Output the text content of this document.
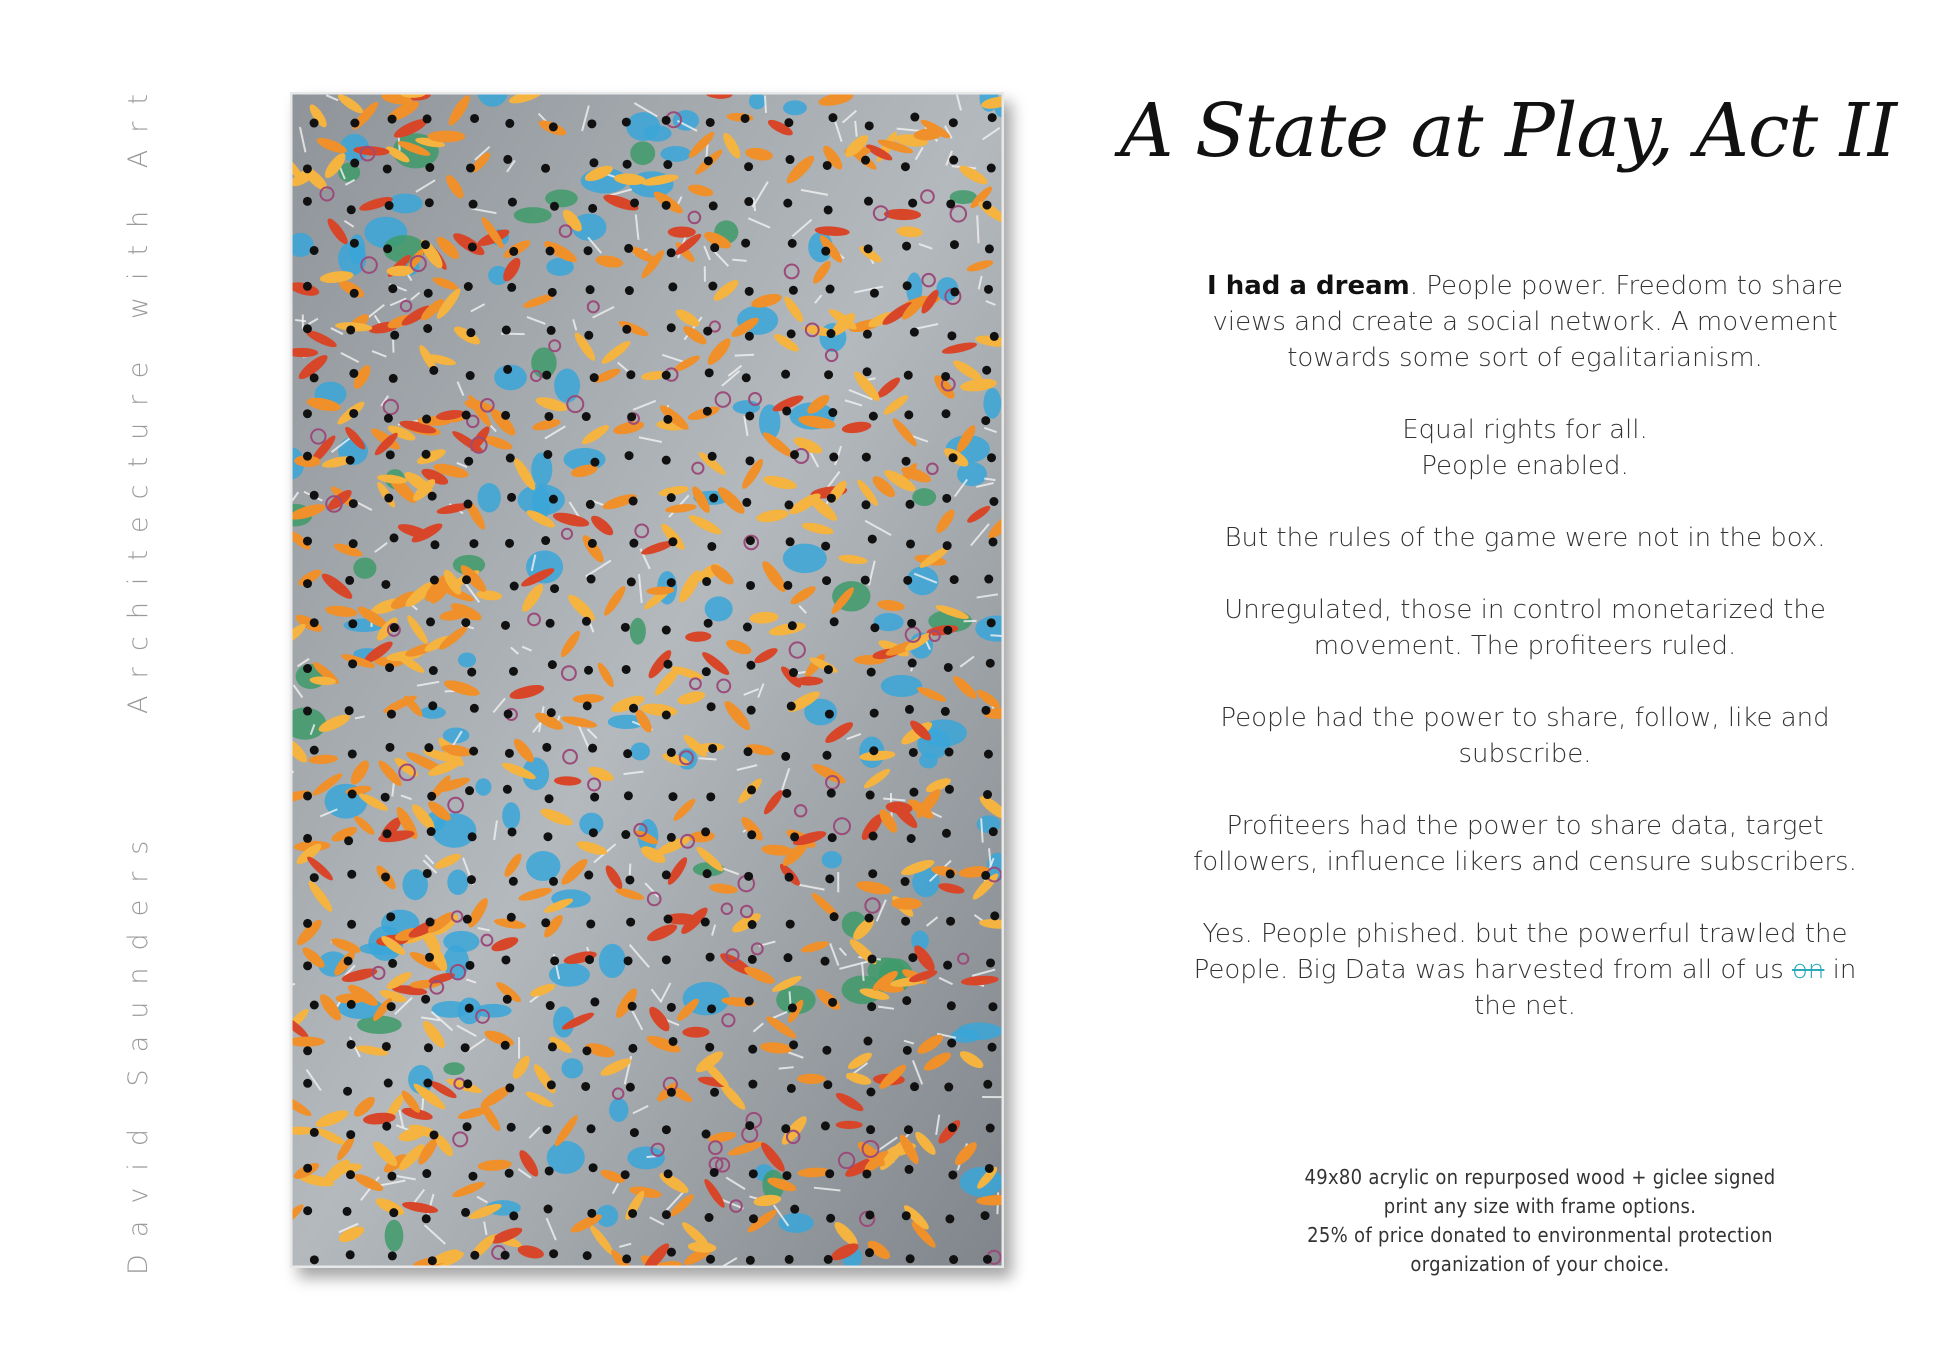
Architecture with Art
David Saunders
A State at Play, Act II

I had a dream. People power. Freedom to share views and create a social network. A movement towards some sort of egalitarianism.

Equal rights for all.
People enabled.

But the rules of the game were not in the box.

Unregulated, those in control monetarized the movement. The profiteers ruled.

People had the power to share, follow, like and subscribe.

Profiteers had the power to share data, target followers, influence likers and censure subscribers.

Yes. People phished. but the powerful trawled the People. Big Data was harvested from all of us on in the net.

49x80 acrylic on repurposed wood + giclee signed
print any size with frame options.
25% of price donated to environmental protection
organization of your choice.
